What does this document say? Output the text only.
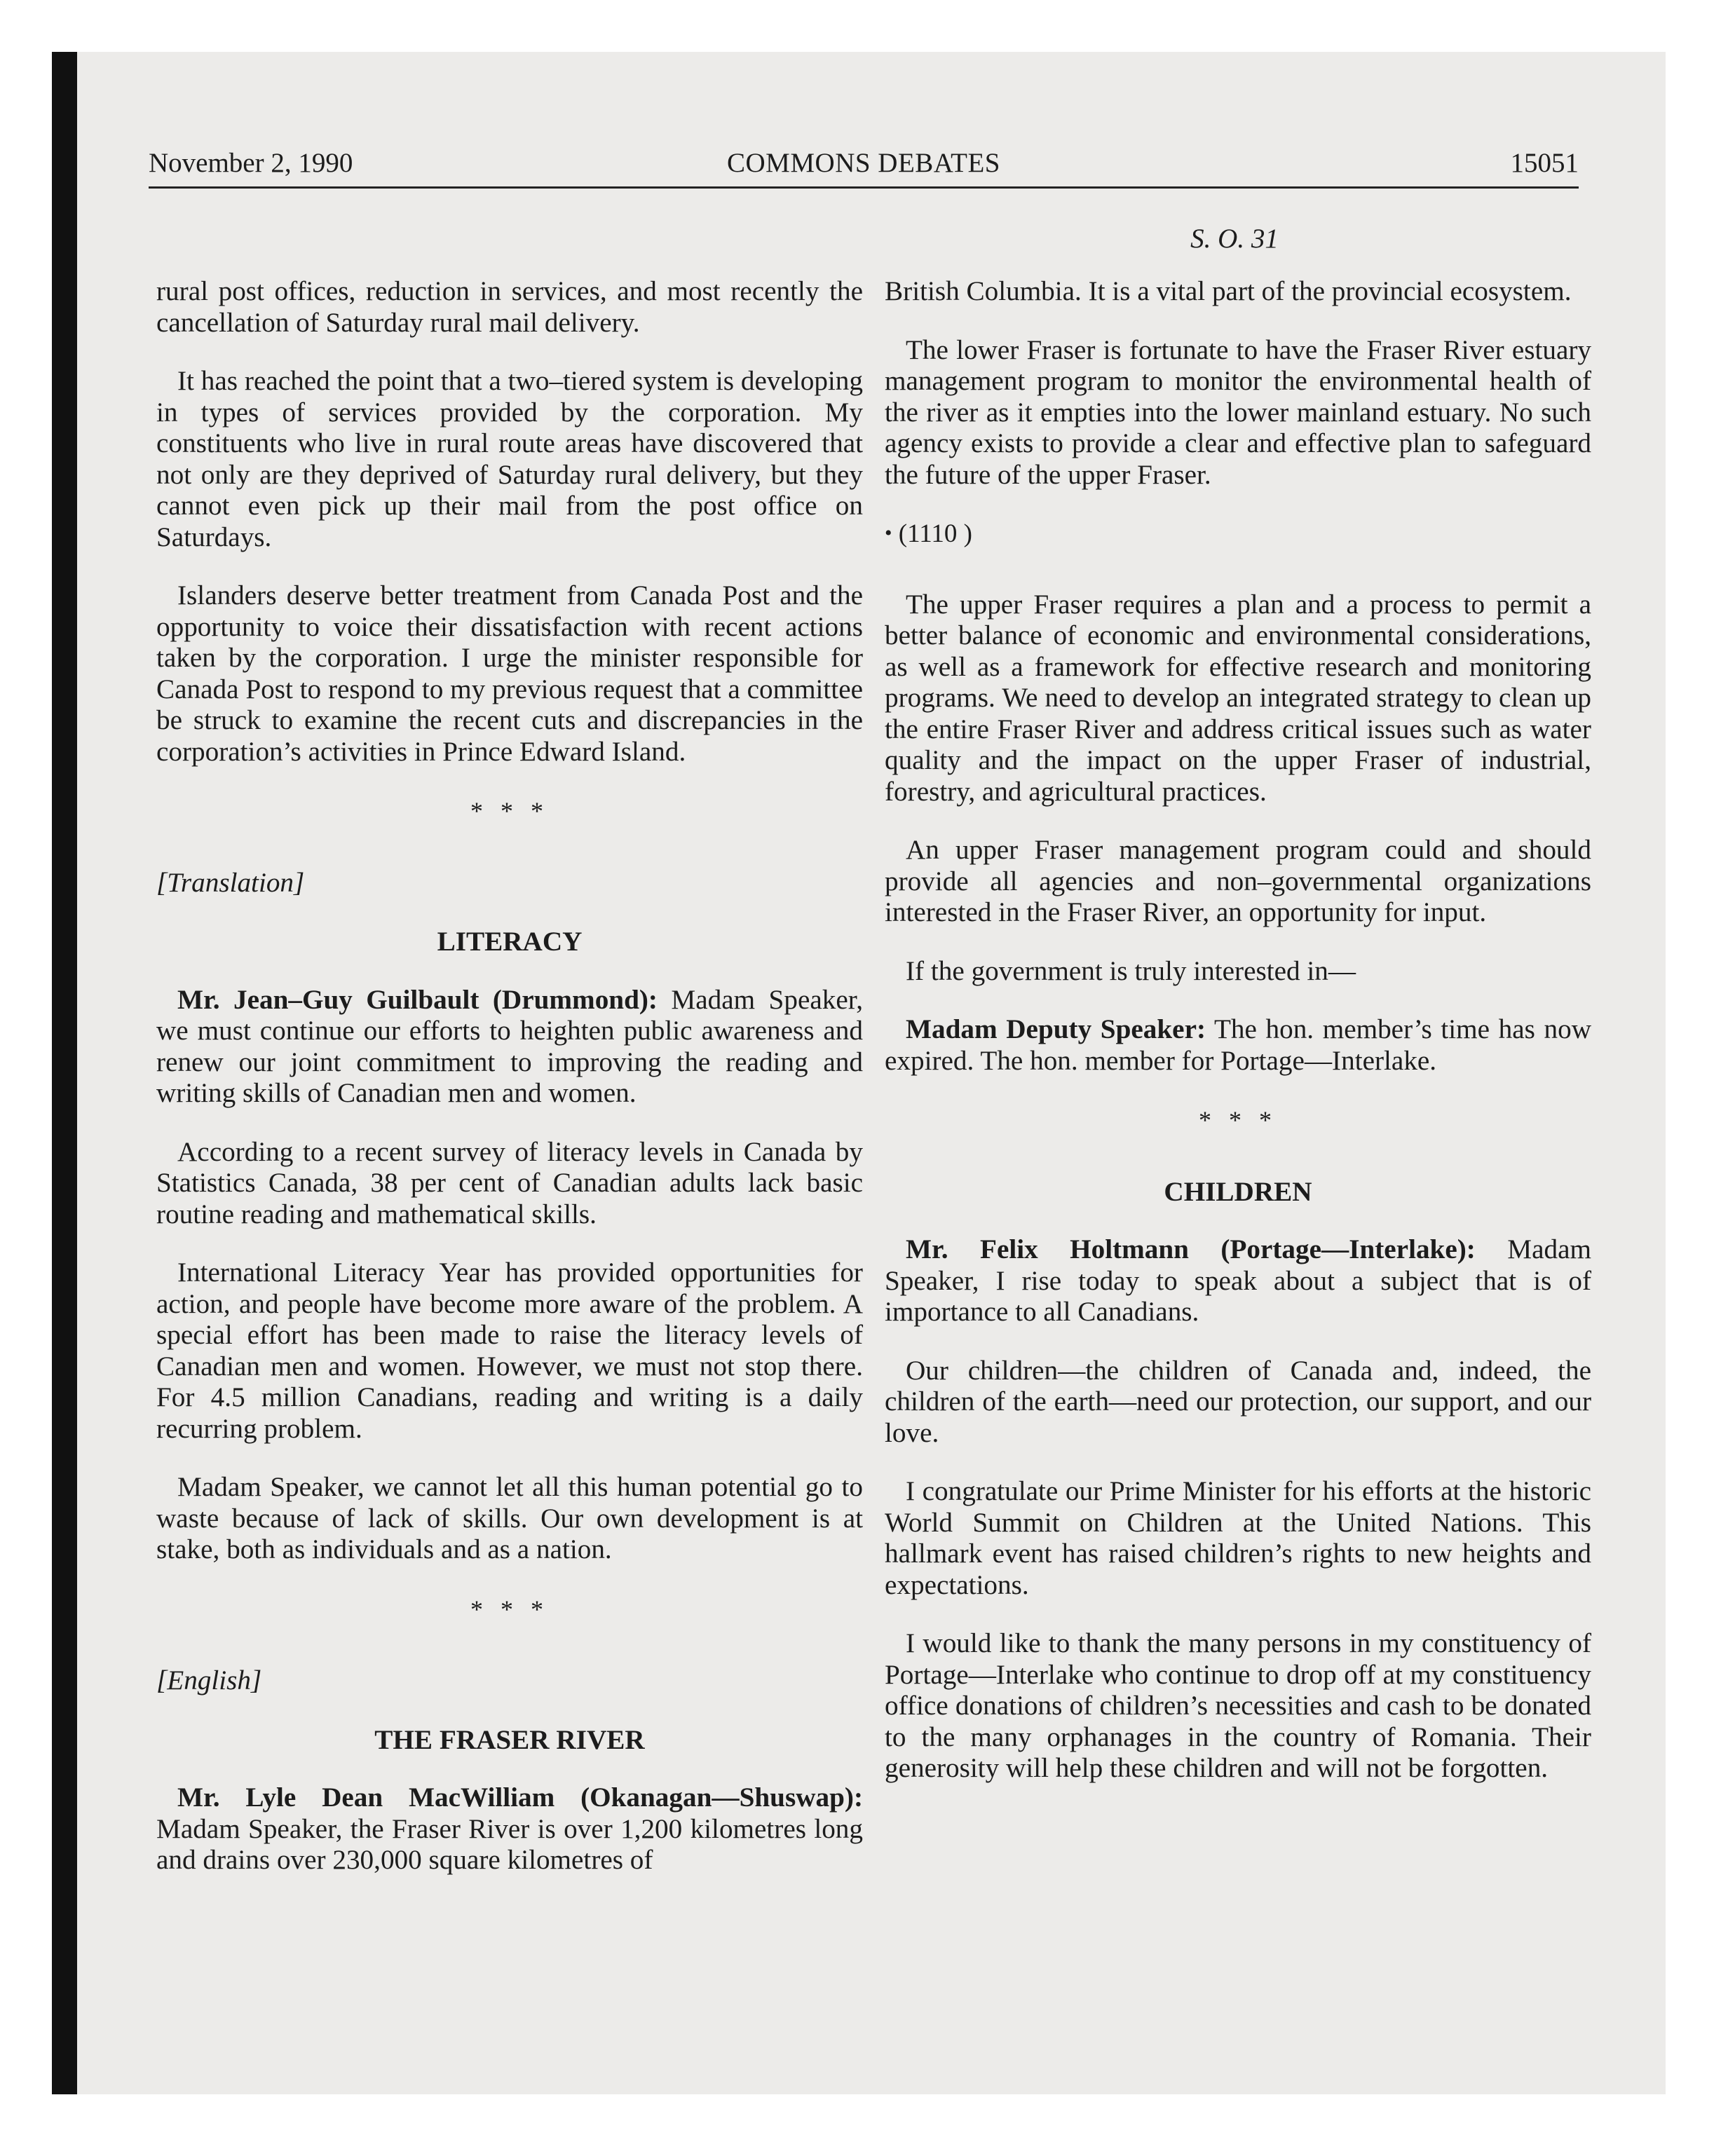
November 2, 1990	COMMONS DEBATES	15051
S. O. 31

rural post offices, reduction in services, and most recently the cancellation of Saturday rural mail delivery.

It has reached the point that a two–tiered system is developing in types of services provided by the corporation. My constituents who live in rural route areas have discovered that not only are they deprived of Saturday rural delivery, but they cannot even pick up their mail from the post office on Saturdays.

Islanders deserve better treatment from Canada Post and the opportunity to voice their dissatisfaction with recent actions taken by the corporation. I urge the minister responsible for Canada Post to respond to my previous request that a committee be struck to examine the recent cuts and discrepancies in the corporation’s activities in Prince Edward Island.

* * *
[Translation]
LITERACY

Mr. Jean–Guy Guilbault (Drummond): Madam Speaker, we must continue our efforts to heighten public awareness and renew our joint commitment to improving the reading and writing skills of Canadian men and women.

According to a recent survey of literacy levels in Canada by Statistics Canada, 38 per cent of Canadian adults lack basic routine reading and mathematical skills.

International Literacy Year has provided opportunities for action, and people have become more aware of the problem. A special effort has been made to raise the literacy levels of Canadian men and women. However, we must not stop there. For 4.5 million Canadians, reading and writing is a daily recurring problem.

Madam Speaker, we cannot let all this human potential go to waste because of lack of skills. Our own development is at stake, both as individuals and as a nation.

* * *
[English]
THE FRASER RIVER

Mr. Lyle Dean MacWilliam (Okanagan—Shuswap): Madam Speaker, the Fraser River is over 1,200 kilometres long and drains over 230,000 square kilometres of

British Columbia. It is a vital part of the provincial ecosystem.

The lower Fraser is fortunate to have the Fraser River estuary management program to monitor the environmental health of the river as it empties into the lower mainland estuary. No such agency exists to provide a clear and effective plan to safeguard the future of the upper Fraser.

• (1110 )

The upper Fraser requires a plan and a process to permit a better balance of economic and environmental considerations, as well as a framework for effective research and monitoring programs. We need to develop an integrated strategy to clean up the entire Fraser River and address critical issues such as water quality and the impact on the upper Fraser of industrial, forestry, and agricultural practices.

An upper Fraser management program could and should provide all agencies and non–governmental organizations interested in the Fraser River, an opportunity for input.

If the government is truly interested in—

Madam Deputy Speaker: The hon. member’s time has now expired. The hon. member for Portage—Interlake.

* * *
CHILDREN

Mr. Felix Holtmann (Portage—Interlake): Madam Speaker, I rise today to speak about a subject that is of importance to all Canadians.

Our children—the children of Canada and, indeed, the children of the earth—need our protection, our support, and our love.

I congratulate our Prime Minister for his efforts at the historic World Summit on Children at the United Nations. This hallmark event has raised children’s rights to new heights and expectations.

I would like to thank the many persons in my constituency of Portage—Interlake who continue to drop off at my constituency office donations of children’s necessities and cash to be donated to the many orphanages in the country of Romania. Their generosity will help these children and will not be forgotten.
